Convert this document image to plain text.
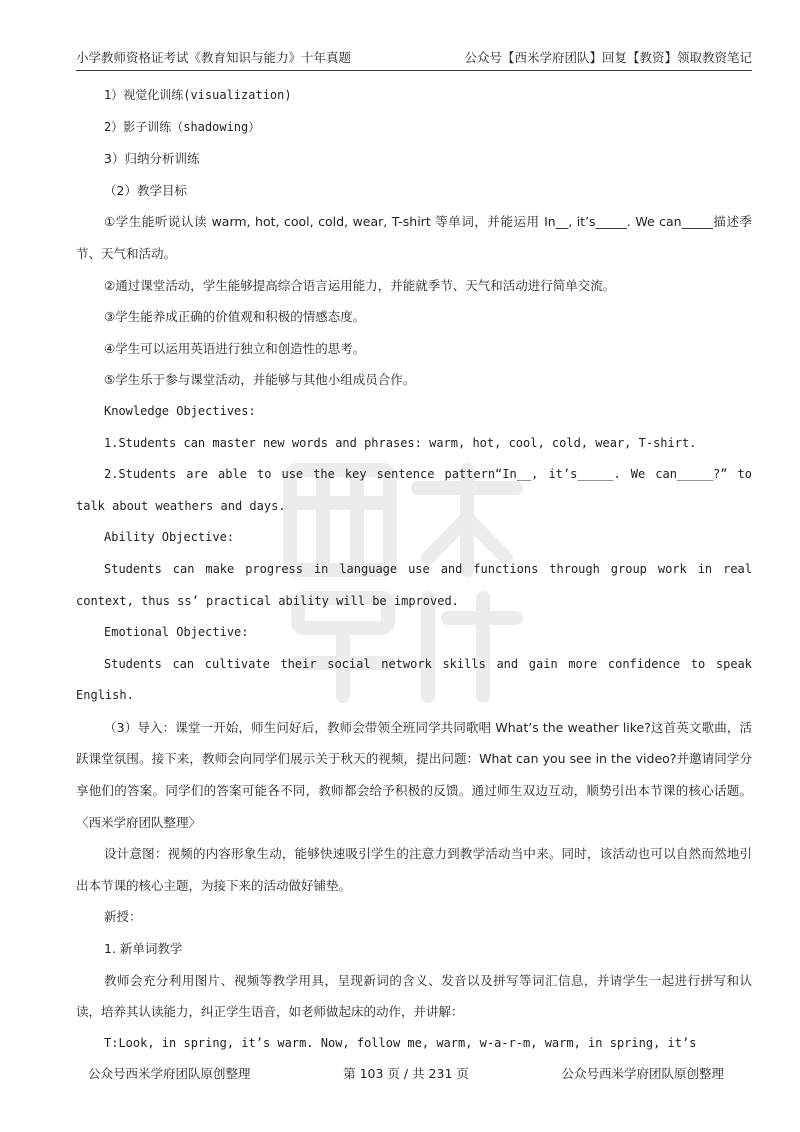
小学教师资格证考试《教育知识与能力》十年真题	公众号【西米学府团队】回复【教资】领取教资笔记

1）视觉化训练(visualization)

2）影子训练（shadowing）

3）归纳分析训练

（2）教学目标

①学生能听说认读 warm, hot, cool, cold, wear, T-shirt 等单词，并能运用 In__, it’s_____. We can_____描述季节、天气和活动。

②通过课堂活动，学生能够提高综合语言运用能力，并能就季节、天气和活动进行简单交流。

③学生能养成正确的价值观和积极的情感态度。

④学生可以运用英语进行独立和创造性的思考。

⑤学生乐于参与课堂活动，并能够与其他小组成员合作。

Knowledge Objectives:

1.Students can master new words and phrases: warm, hot, cool, cold, wear, T-shirt.

2.Students are able to use the key sentence pattern“In__, it’s_____. We can_____?” to talk about weathers and days.

Ability Objective:

Students can make progress in language use and functions through group work in real context, thus ss’ practical ability will be improved.

Emotional Objective:

Students can cultivate their social network skills and gain more confidence to speak English.

（3）导入：课堂一开始，师生问好后，教师会带领全班同学共同歌唱 What’s the weather like?这首英文歌曲，活跃课堂氛围。接下来，教师会向同学们展示关于秋天的视频，提出问题：What can you see in the video?并邀请同学分享他们的答案。同学们的答案可能各不同，教师都会给予积极的反馈。通过师生双边互动，顺势引出本节课的核心话题。〈西米学府团队整理〉

设计意图：视频的内容形象生动，能够快速吸引学生的注意力到教学活动当中来。同时，该活动也可以自然而然地引出本节课的核心主题，为接下来的活动做好铺垫。

新授：

1. 新单词教学

教师会充分利用图片、视频等教学用具，呈现新词的含义、发音以及拼写等词汇信息，并请学生一起进行拼写和认读，培养其认读能力，纠正学生语音，如老师做起床的动作，并讲解：

T:Look, in spring, it’s warm. Now, follow me, warm, w-a-r-m, warm, in spring, it’s

公众号西米学府团队原创整理	第 103 页 / 共 231 页	公众号西米学府团队原创整理
